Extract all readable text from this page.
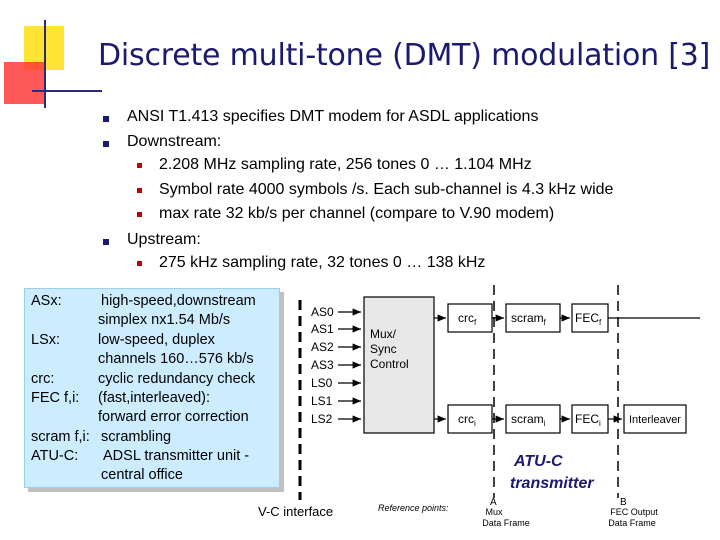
Discrete multi-tone (DMT) modulation [3]
ANSI T1.413 specifies DMT modem for ASDL applications
Downstream:
2.208 MHz sampling rate, 256 tones 0 … 1.104 MHz
Symbol rate 4000 symbols /s. Each sub-channel is 4.3 kHz wide
max rate 32 kb/s per channel (compare to V.90 modem)
Upstream:
275 kHz sampling rate, 32 tones 0 … 138 kHz
AS0
AS1
AS2
AS3
LS0
LS1
LS2
Mux/
Sync
Control
crc$_f$	scram$_f$ $FEC_f$
crc$_i$	scram$_i$ $FEC_i$	Interleaver
A	B
Reference points:	Mux
Data Frame
FEC Output
Data Frame
ATU-C
transmitter
V-C interface
ASx:	high-speed,downstream
simplex nx1.54 Mb/s
LSx:	low-speed, duplex
channels 160…576 kb/s
crc:	cyclic redundancy check
FEC f,i: (fast,interleaved):
forward error correction
scram f,i: scrambling
ATU-C: ADSL transmitter unit -
central office
